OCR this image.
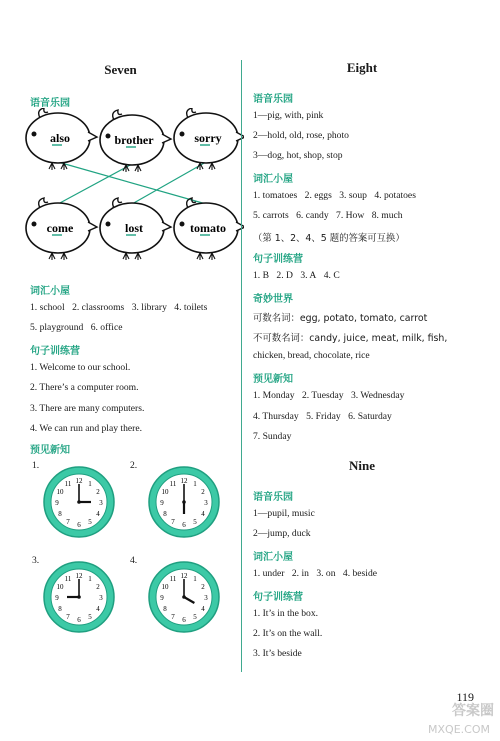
Seven
语音乐园
also	brother	sorry
come	lost	tomato
词汇小屋
1. school 2. classrooms 3. library 4. toilets
5. playground 6. office
句子训练营
1. Welcome to our school.
2. There’s a computer room.
3. There are many computers.
4. We can run and play there.
预见新知
1.
12 1
2
3
4
5
6
7
8
9
10
11
2.
12 1
2
3
4
5
6
7
8
9
10
11
3.
12 1
2
3
4
5
6
7
8
9
10
11
4.
12 1
2
3
4
5
6
7
8
9
10
11
Eight
语音乐园
1—pig, with, pink
2—hold, old, rose, photo
3—dog, hot, shop, stop
词汇小屋
1. tomatoes 2. eggs 3. soup 4. potatoes
5. carrots 6. candy 7. How 8. much
（第 1、2、4、5 题的答案可互换）
句子训练营
1. B 2. D 3. A 4. C
奇妙世界
可数名词：egg, potato, tomato, carrot
不可数名词：candy, juice, meat, milk, fish,
chicken, bread, chocolate, rice
预见新知
1. Monday 2. Tuesday 3. Wednesday
4. Thursday 5. Friday 6. Saturday
7. Sunday
Nine
语音乐园
1—pupil, music
2—jump, duck
词汇小屋
1. under 2. in 3. on 4. beside
句子训练营
1. It’s in the box.
2. It’s on the wall.
3. It’s beside
119
答案圈
MXQE.COM
